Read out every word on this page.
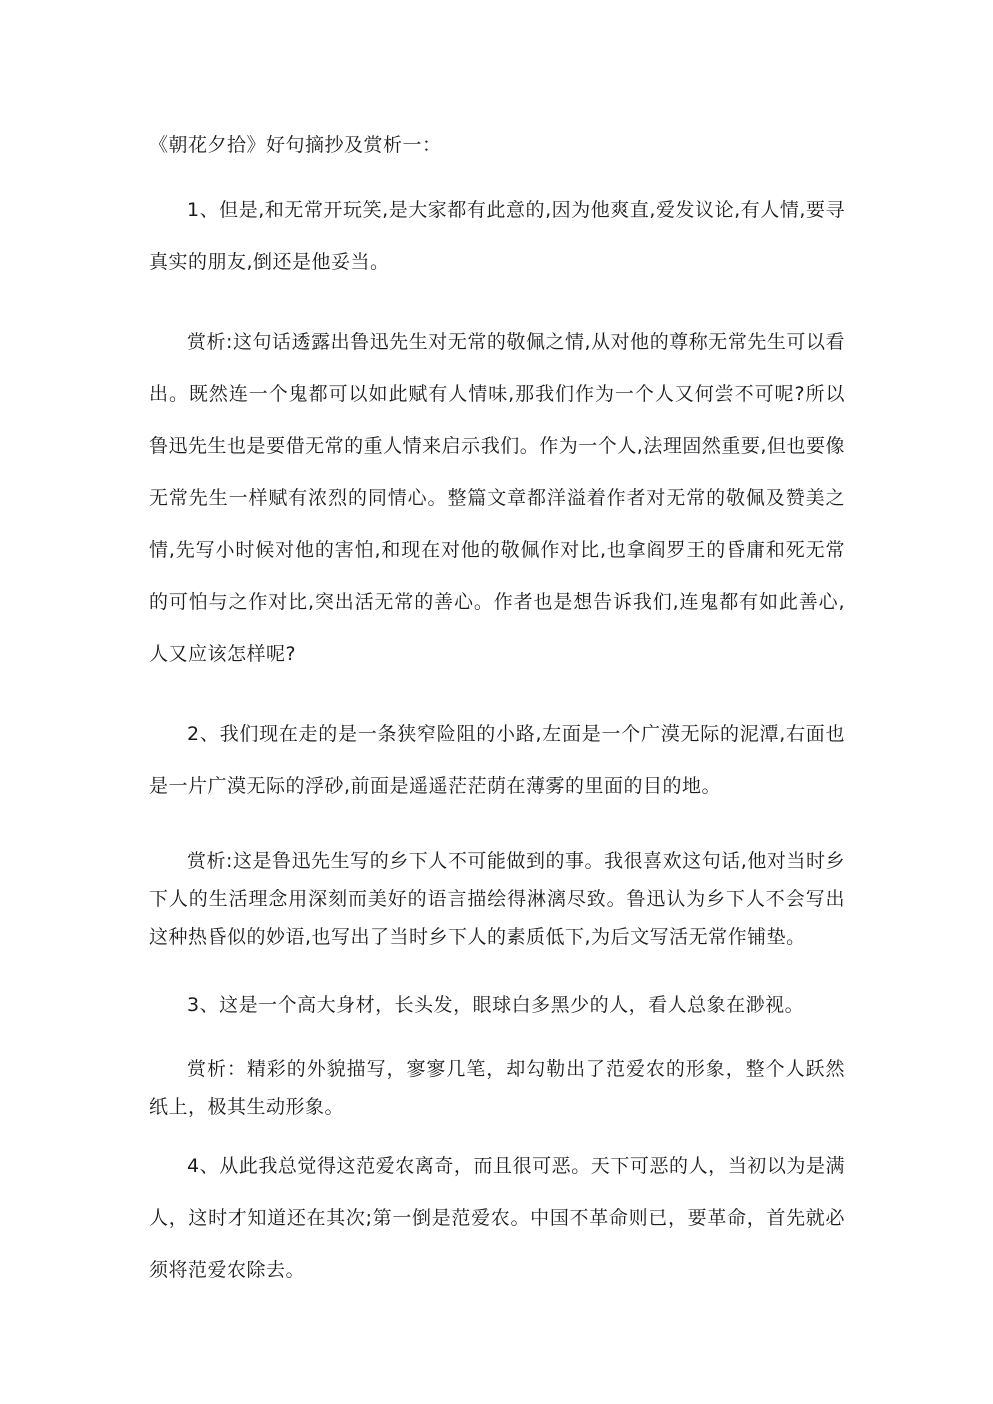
《朝花夕拾》好句摘抄及赏析一：

1、但是,和无常开玩笑,是大家都有此意的,因为他爽直,爱发议论,有人情,要寻真实的朋友,倒还是他妥当。

赏析:这句话透露出鲁迅先生对无常的敬佩之情,从对他的尊称无常先生可以看出。既然连一个鬼都可以如此赋有人情味,那我们作为一个人又何尝不可呢?所以鲁迅先生也是要借无常的重人情来启示我们。作为一个人,法理固然重要,但也要像无常先生一样赋有浓烈的同情心。整篇文章都洋溢着作者对无常的敬佩及赞美之情,先写小时候对他的害怕,和现在对他的敬佩作对比,也拿阎罗王的昏庸和死无常的可怕与之作对比,突出活无常的善心。作者也是想告诉我们,连鬼都有如此善心,人又应该怎样呢?

2、我们现在走的是一条狭窄险阻的小路,左面是一个广漠无际的泥潭,右面也是一片广漠无际的浮砂,前面是遥遥茫茫荫在薄雾的里面的目的地。

赏析:这是鲁迅先生写的乡下人不可能做到的事。我很喜欢这句话,他对当时乡下人的生活理念用深刻而美好的语言描绘得淋漓尽致。鲁迅认为乡下人不会写出这种热昏似的妙语,也写出了当时乡下人的素质低下,为后文写活无常作铺垫。

3、这是一个高大身材，长头发，眼球白多黑少的人，看人总象在渺视。

赏析：精彩的外貌描写，寥寥几笔，却勾勒出了范爱农的形象，整个人跃然纸上，极其生动形象。

4、从此我总觉得这范爱农离奇，而且很可恶。天下可恶的人，当初以为是满人，这时才知道还在其次;第一倒是范爱农。中国不革命则已，要革命，首先就必须将范爱农除去。
